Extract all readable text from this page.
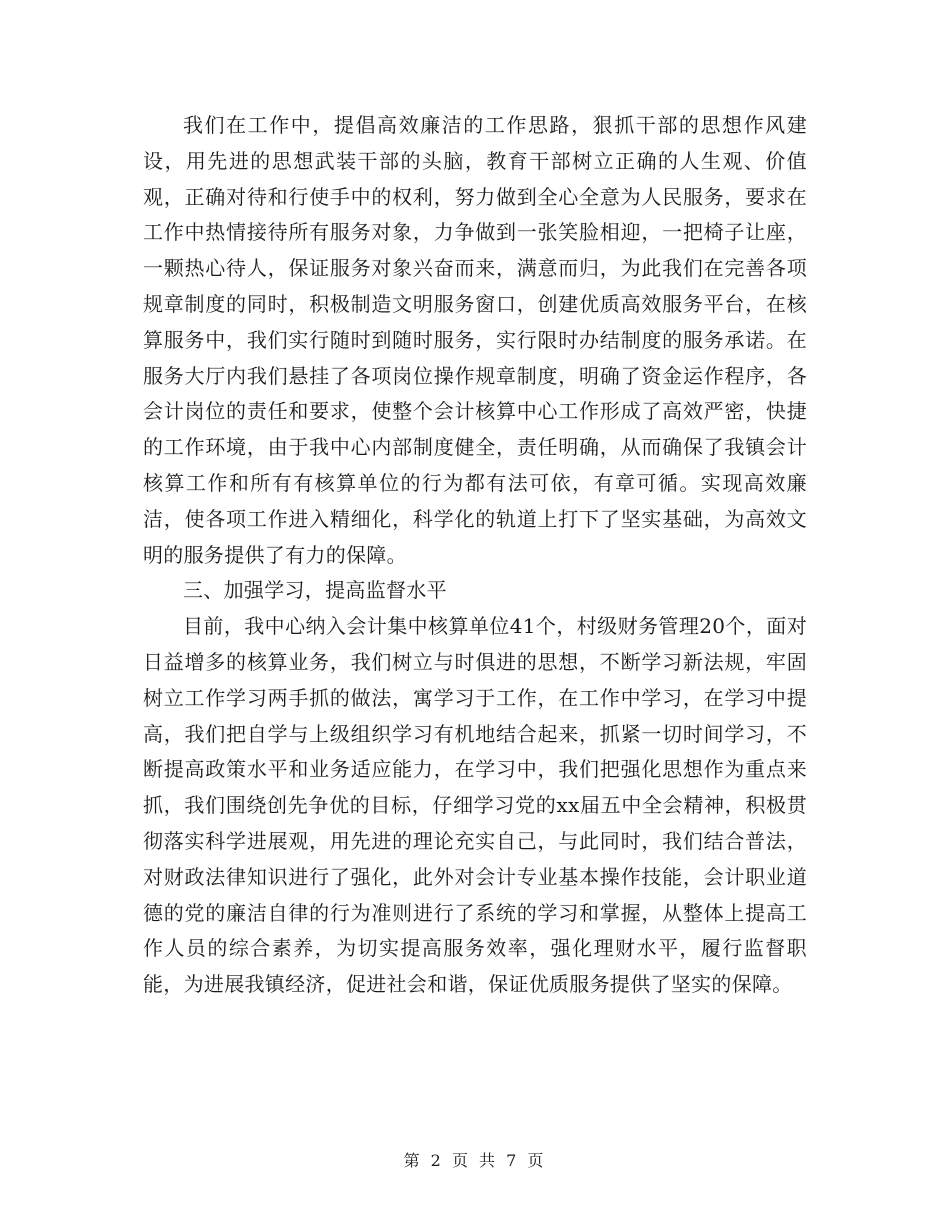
我们在工作中，提倡高效廉洁的工作思路，狠抓干部的思想作风建设，用先进的思想武装干部的头脑，教育干部树立正确的人生观、价值观，正确对待和行使手中的权利，努力做到全心全意为人民服务，要求在工作中热情接待所有服务对象，力争做到一张笑脸相迎，一把椅子让座，一颗热心待人，保证服务对象兴奋而来，满意而归，为此我们在完善各项规章制度的同时，积极制造文明服务窗口，创建优质高效服务平台，在核算服务中，我们实行随时到随时服务，实行限时办结制度的服务承诺。在服务大厅内我们悬挂了各项岗位操作规章制度，明确了资金运作程序，各会计岗位的责任和要求，使整个会计核算中心工作形成了高效严密，快捷的工作环境，由于我中心内部制度健全，责任明确，从而确保了我镇会计核算工作和所有有核算单位的行为都有法可依，有章可循。实现高效廉洁，使各项工作进入精细化，科学化的轨道上打下了坚实基础，为高效文明的服务提供了有力的保障。

三、加强学习，提高监督水平

目前，我中心纳入会计集中核算单位41个，村级财务管理20个，面对日益增多的核算业务，我们树立与时俱进的思想，不断学习新法规，牢固树立工作学习两手抓的做法，寓学习于工作，在工作中学习，在学习中提高，我们把自学与上级组织学习有机地结合起来，抓紧一切时间学习，不断提高政策水平和业务适应能力，在学习中，我们把强化思想作为重点来抓，我们围绕创先争优的目标，仔细学习党的xx届五中全会精神，积极贯彻落实科学进展观，用先进的理论充实自己，与此同时，我们结合普法，对财政法律知识进行了强化，此外对会计专业基本操作技能，会计职业道德的党的廉洁自律的行为准则进行了系统的学习和掌握，从整体上提高工作人员的综合素养，为切实提高服务效率，强化理财水平，履行监督职能，为进展我镇经济，促进社会和谐，保证优质服务提供了坚实的保障。

第 2 页 共 7 页
